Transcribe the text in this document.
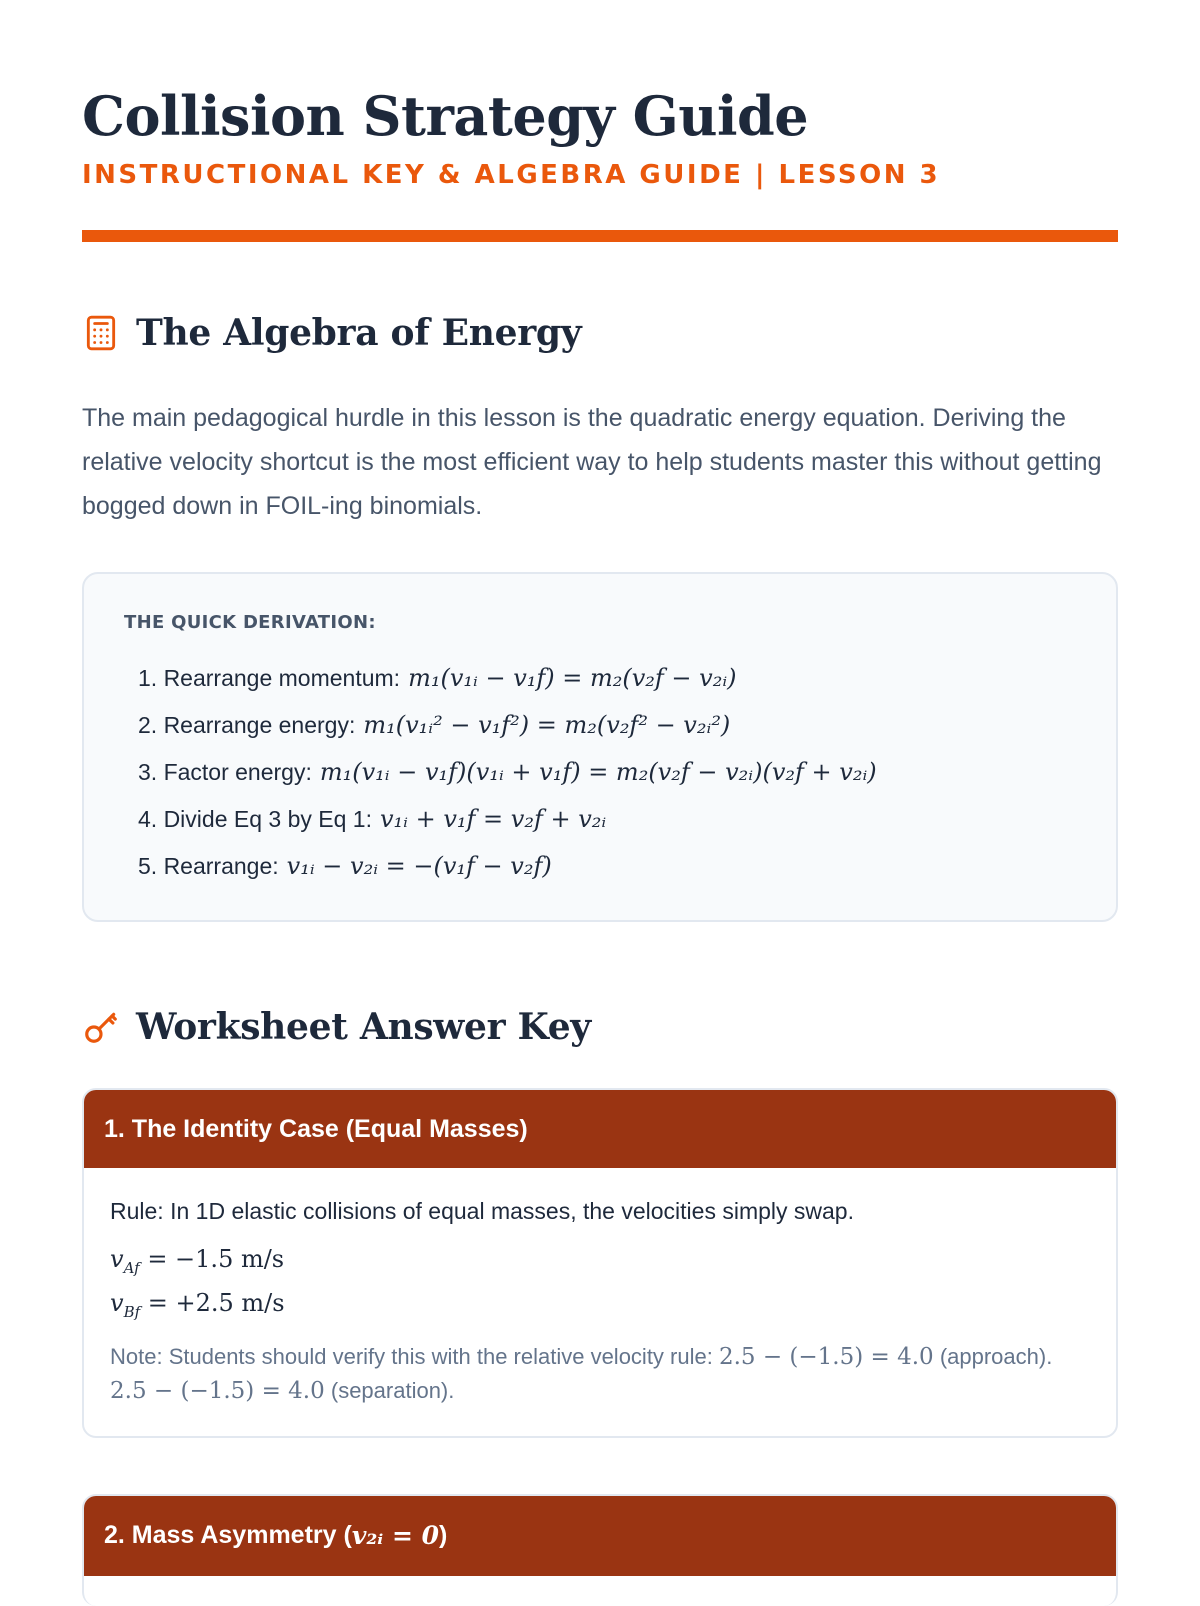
Collision Strategy Guide
INSTRUCTIONAL KEY & ALGEBRA GUIDE | LESSON 3
The Algebra of Energy

The main pedagogical hurdle in this lesson is the quadratic energy equation. Deriving the relative velocity shortcut is the most efficient way to help students master this without getting bogged down in FOIL-ing binomials.

THE QUICK DERIVATION:
1. Rearrange momentum: m₁(v₁ᵢ − v₁f) = m₂(v₂f − v₂ᵢ)
2. Rearrange energy: m₁(v₁ᵢ² − v₁f²) = m₂(v₂f² − v₂ᵢ²)
3. Factor energy: m₁(v₁ᵢ − v₁f)(v₁ᵢ + v₁f) = m₂(v₂f − v₂ᵢ)(v₂f + v₂ᵢ)
4. Divide Eq 3 by Eq 1: v₁ᵢ + v₁f = v₂f + v₂ᵢ
5. Rearrange: v₁ᵢ − v₂ᵢ = −(v₁f − v₂f)
Worksheet Answer Key
1. The Identity Case (Equal Masses)
Rule: In 1D elastic collisions of equal masses, the velocities simply swap.
$v_{Af} = -1.5$ m/s
$v_{Bf} = +2.5$ m/s
Note: Students should verify this with the relative velocity rule: 2.5 − (−1.5) = 4.0 (approach). 2.5 − (−1.5) = 4.0 (separation).
2. Mass Asymmetry ( v₂ᵢ = 0 )
